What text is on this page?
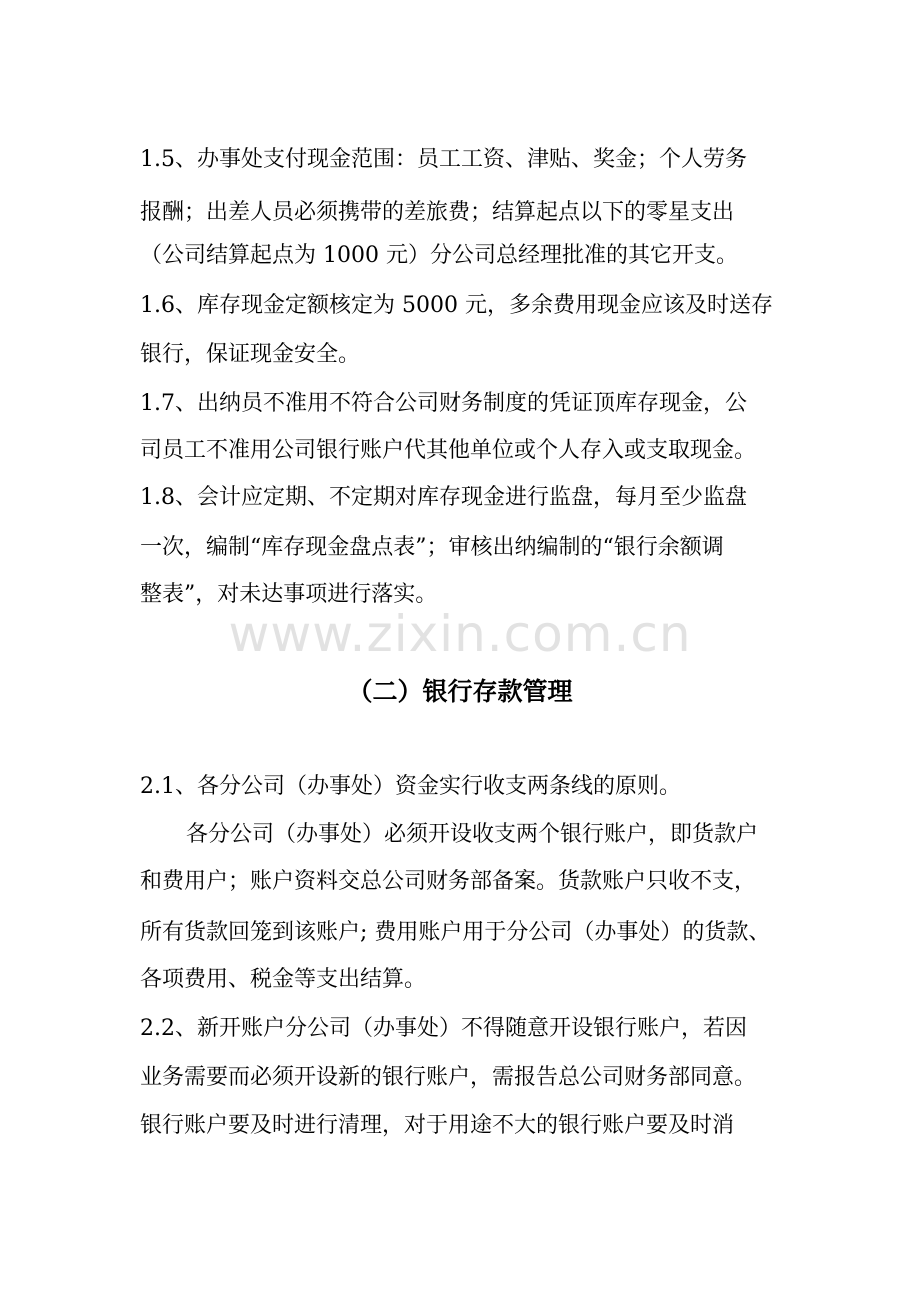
1.5、办事处支付现金范围：员工工资、津贴、奖金；个人劳务
报酬；出差人员必须携带的差旅费；结算起点以下的零星支出
（公司结算起点为 1000 元）分公司总经理批准的其它开支。
1.6、库存现金定额核定为 5000 元，多余费用现金应该及时送存
银行，保证现金安全。
1.7、出纳员不准用不符合公司财务制度的凭证顶库存现金，公
司员工不准用公司银行账户代其他单位或个人存入或支取现金。
1.8、会计应定期、不定期对库存现金进行监盘，每月至少监盘
一次，编制“库存现金盘点表”；审核出纳编制的“银行余额调
整表”，对未达事项进行落实。
www.zixin.com.cn
（二）银行存款管理
2.1、各分公司（办事处）资金实行收支两条线的原则。
各分公司（办事处）必须开设收支两个银行账户，即货款户
和费用户；账户资料交总公司财务部备案。货款账户只收不支，
所有货款回笼到该账户; 费用账户用于分公司（办事处）的货款、
各项费用、税金等支出结算。
2.2、新开账户分公司（办事处）不得随意开设银行账户，若因
业务需要而必须开设新的银行账户，需报告总公司财务部同意。
银行账户要及时进行清理，对于用途不大的银行账户要及时消
